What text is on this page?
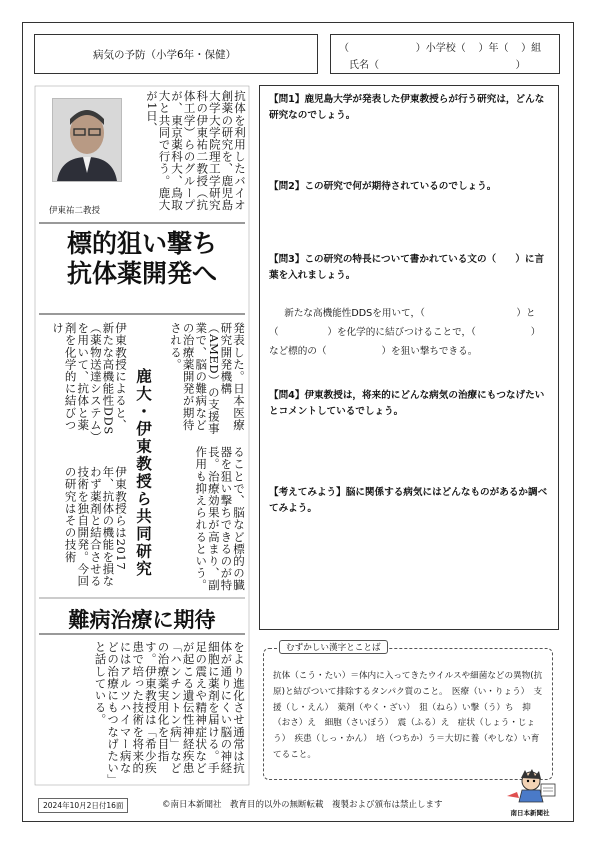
病気の予防（小学6年・保健）
（                     ）小学校（    ）年（    ）組
氏名（                                           ）
伊東祐二教授	抗体を利用したバイオ創薬の研究を、鹿児島大学大学院理工学研究科の伊東祐二教授（抗体工学）らのグループが、東京薬科大、鳥取大と共同で行う。鹿大が1日、
標的狙い撃ち
抗体薬開発へ
発表した。日本医療研究開発機構（AMED）の支援事業で、脳の難病などの治療薬開発が期待される。
ることで、脳など標的の臓器を狙い撃ちできるのが特長。治療効果が高まり、副作用も抑えられるという。
鹿大・伊東教授ら共同研究
伊東教授によると、新たな高機能性DDS（薬物送達システム）を用いて、抗体と薬剤を化学的に結びつけ
伊東教授らは2017年、抗体の機能を損なわず薬剤と結合させる技術を独自開発。今回の研究はその技術
難病治療に期待
をより進化させ通常は抗体が通りにくい脳の神経細胞に薬剤を届ける。手足の震えや精神症状などが起こる遺伝性神経疾患「ハンチントン病」などの治療薬実用化を目指す。伊東教授は「希少疾患で培った技術を将来的にはアルツハイマー病などの治療にもつなげたい」と話している。
2024年10月2日付16面	©南日本新聞社　教育目的以外の無断転載　複製および頒布は禁止します
【問1】鹿児島大学が発表した伊東教授らが行う研究は，どんな研究なのでしょう。
【問2】この研究で何が期待されているのでしょう。
【問3】この研究の特長について書かれている文の（　　）に言葉を入れましょう。
新たな高機能性DDSを用いて，（                              ）と
（                ）を化学的に結びつけることで，（                  ）
など標的の（                  ）を狙い撃ちできる。
【問4】伊東教授は，将来的にどんな病気の治療にもつなげたいとコメントしているでしょう。
【考えてみよう】脳に関係する病気にはどんなものがあるか調べてみよう。
抗体（こう・たい）＝体内に入ってきたウイルスや細菌などの異物(抗原)と結びついて排除するタンパク質のこと。　医療（い・りょう）　支援（し・えん）　薬剤（やく・ざい）　狙（ねら）い撃（う）ち　抑（おさ）え　細胞（さいぼう）　震（ふる）え　症状（しょう・じょう）　疾患（しっ・かん）　培（つちか）う＝大切に養（やしな）い育てること。
むずかしい漢字とことば
南日本新聞社
